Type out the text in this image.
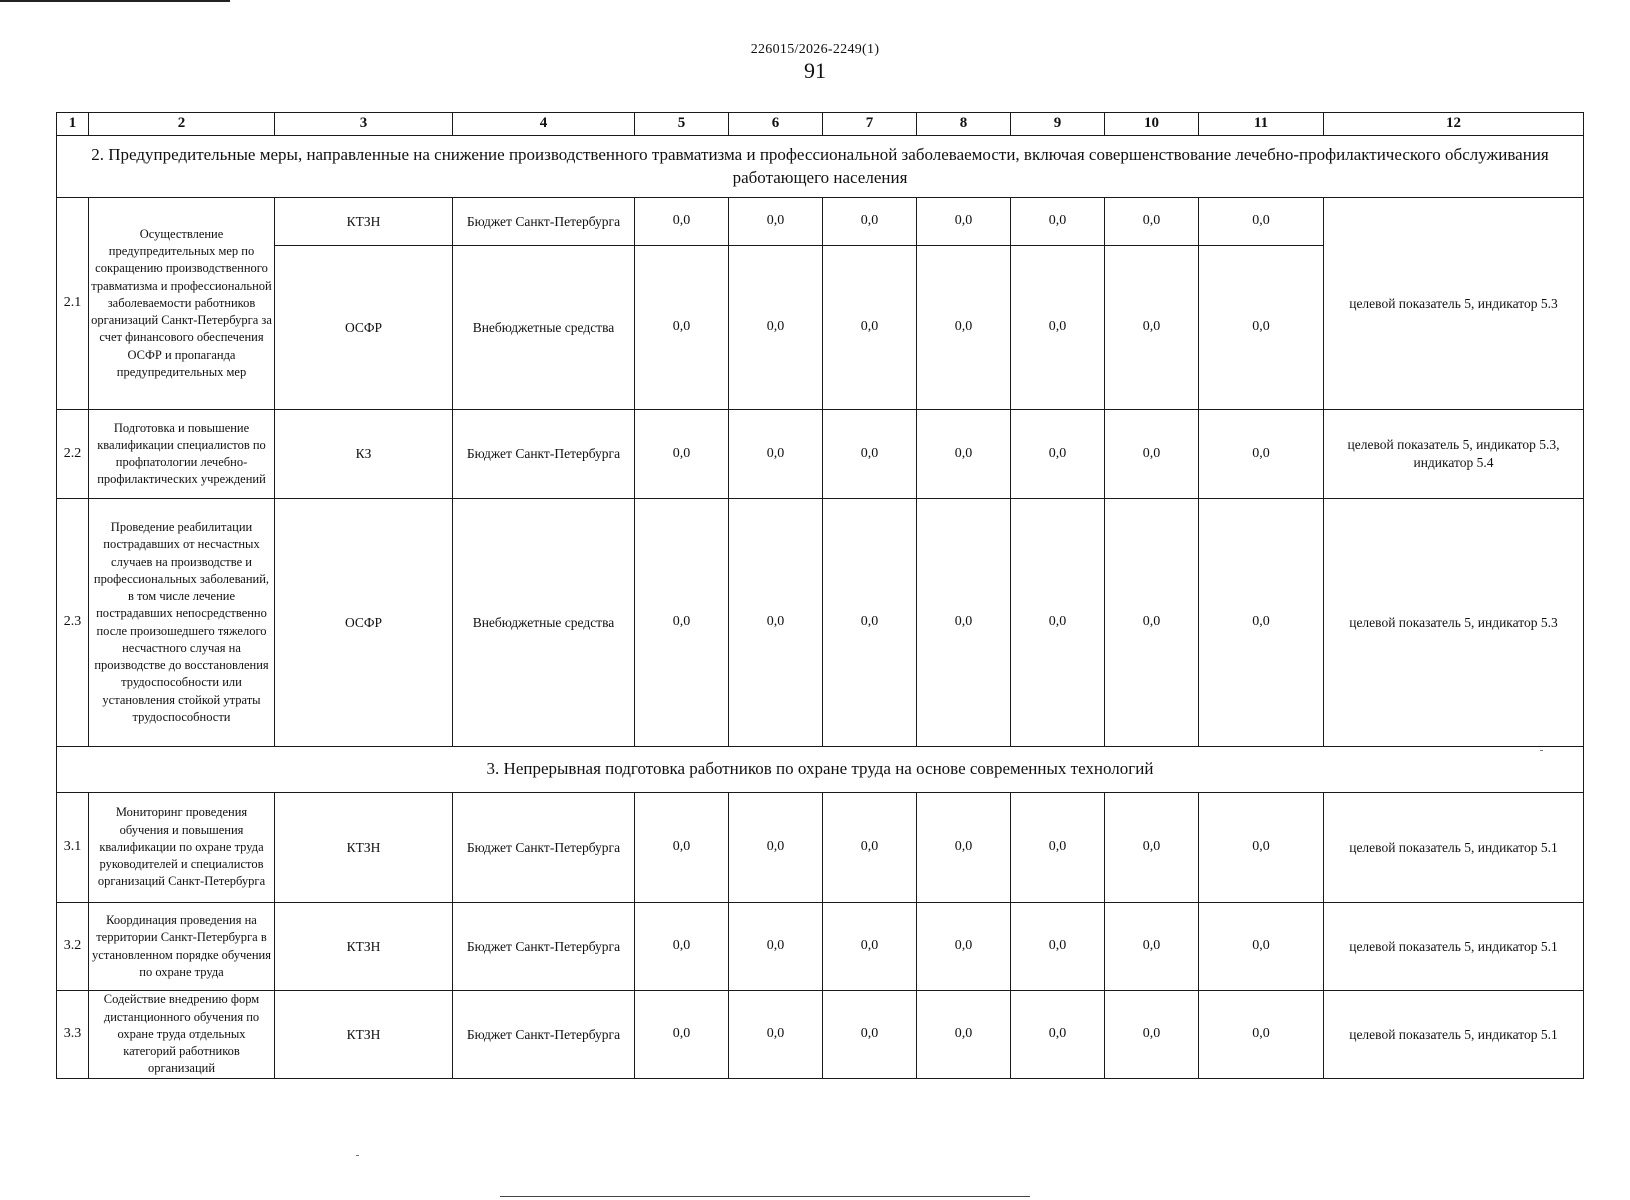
226015/2026-2249(1)
91
1	2	3	4	5	6	7	8	9	10	11	12
2. Предупредительные меры, направленные на снижение производственного травматизма и профессиональной заболеваемости, включая совершенствование лечебно-профилактического обслуживания работающего населения											
2.1	Осуществление предупредительных мер по сокращению производственного травматизма и профессиональной заболеваемости работников организаций Санкт-Петербурга за счет финансового обеспечения ОСФР и пропаганда предупредительных мер	КТЗН	Бюджет Санкт-Петербурга	0,0	0,0	0,0	0,0	0,0	0,0	0,0	целевой показатель 5, индикатор 5.3
		ОСФР	Внебюджетные средства	0,0	0,0	0,0	0,0	0,0	0,0	0,0	
2.2	Подготовка и повышение квалификации специалистов по профпатологии лечебно-профилактических учреждений	КЗ	Бюджет Санкт-Петербурга	0,0	0,0	0,0	0,0	0,0	0,0	0,0	целевой показатель 5, индикатор 5.3, индикатор 5.4
2.3	Проведение реабилитации пострадавших от несчастных случаев на производстве и профессиональных заболеваний, в том числе лечение пострадавших непосредственно после произошедшего тяжелого несчастного случая на производстве до восстановления трудоспособности или установления стойкой утраты трудоспособности	ОСФР	Внебюджетные средства	0,0	0,0	0,0	0,0	0,0	0,0	0,0	целевой показатель 5, индикатор 5.3
3. Непрерывная подготовка работников по охране труда на основе современных технологий											
3.1	Мониторинг проведения обучения и повышения квалификации по охране труда руководителей и специалистов организаций Санкт-Петербурга	КТЗН	Бюджет Санкт-Петербурга	0,0	0,0	0,0	0,0	0,0	0,0	0,0	целевой показатель 5, индикатор 5.1
3.2	Координация проведения на территории Санкт-Петербурга в установленном порядке обучения по охране труда	КТЗН	Бюджет Санкт-Петербурга	0,0	0,0	0,0	0,0	0,0	0,0	0,0	целевой показатель 5, индикатор 5.1
3.3	Содействие внедрению форм дистанционного обучения по охране труда отдельных категорий работников организаций	КТЗН	Бюджет Санкт-Петербурга	0,0	0,0	0,0	0,0	0,0	0,0	0,0	целевой показатель 5, индикатор 5.1
